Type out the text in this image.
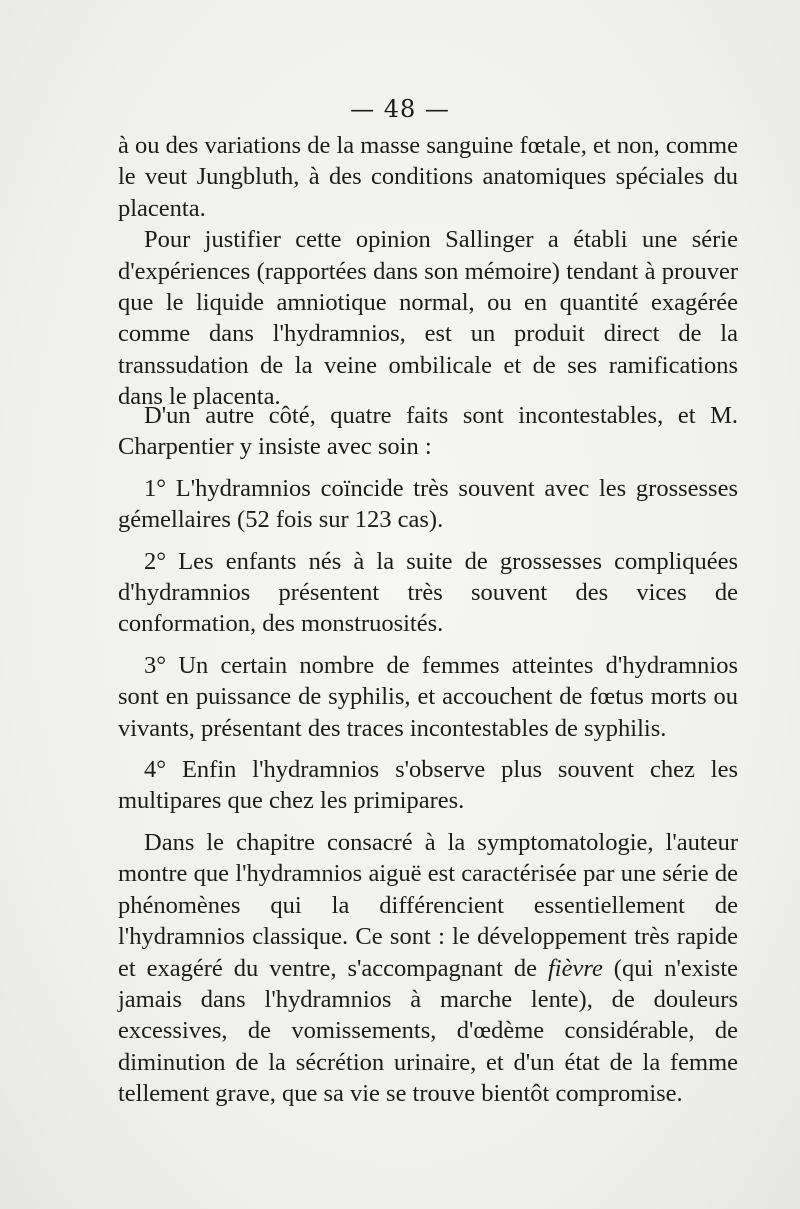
— 48 —

à ou des variations de la masse sanguine fœtale, et non, comme le veut Jungbluth, à des conditions anatomiques spéciales du placenta.

Pour justifier cette opinion Sallinger a établi une série d'expériences (rapportées dans son mémoire) tendant à prouver que le liquide amniotique normal, ou en quantité exagérée comme dans l'hydramnios, est un produit direct de la transsudation de la veine ombilicale et de ses ramifications dans le placenta.

D'un autre côté, quatre faits sont incontestables, et M. Charpentier y insiste avec soin :

1° L'hydramnios coïncide très souvent avec les grossesses gémellaires (52 fois sur 123 cas).

2° Les enfants nés à la suite de grossesses compliquées d'hydramnios présentent très souvent des vices de conformation, des monstruosités.

3° Un certain nombre de femmes atteintes d'hydramnios sont en puissance de syphilis, et accouchent de fœtus morts ou vivants, présentant des traces incontestables de syphilis.

4° Enfin l'hydramnios s'observe plus souvent chez les multipares que chez les primipares.

Dans le chapitre consacré à la symptomatologie, l'auteur montre que l'hydramnios aiguë est caractérisée par une série de phénomènes qui la différencient essentiellement de l'hydramnios classique. Ce sont : le développement très rapide et exagéré du ventre, s'accompagnant de fièvre (qui n'existe jamais dans l'hydramnios à marche lente), de douleurs excessives, de vomissements, d'œdème considérable, de diminution de la sécrétion urinaire, et d'un état de la femme tellement grave, que sa vie se trouve bientôt compromise.
